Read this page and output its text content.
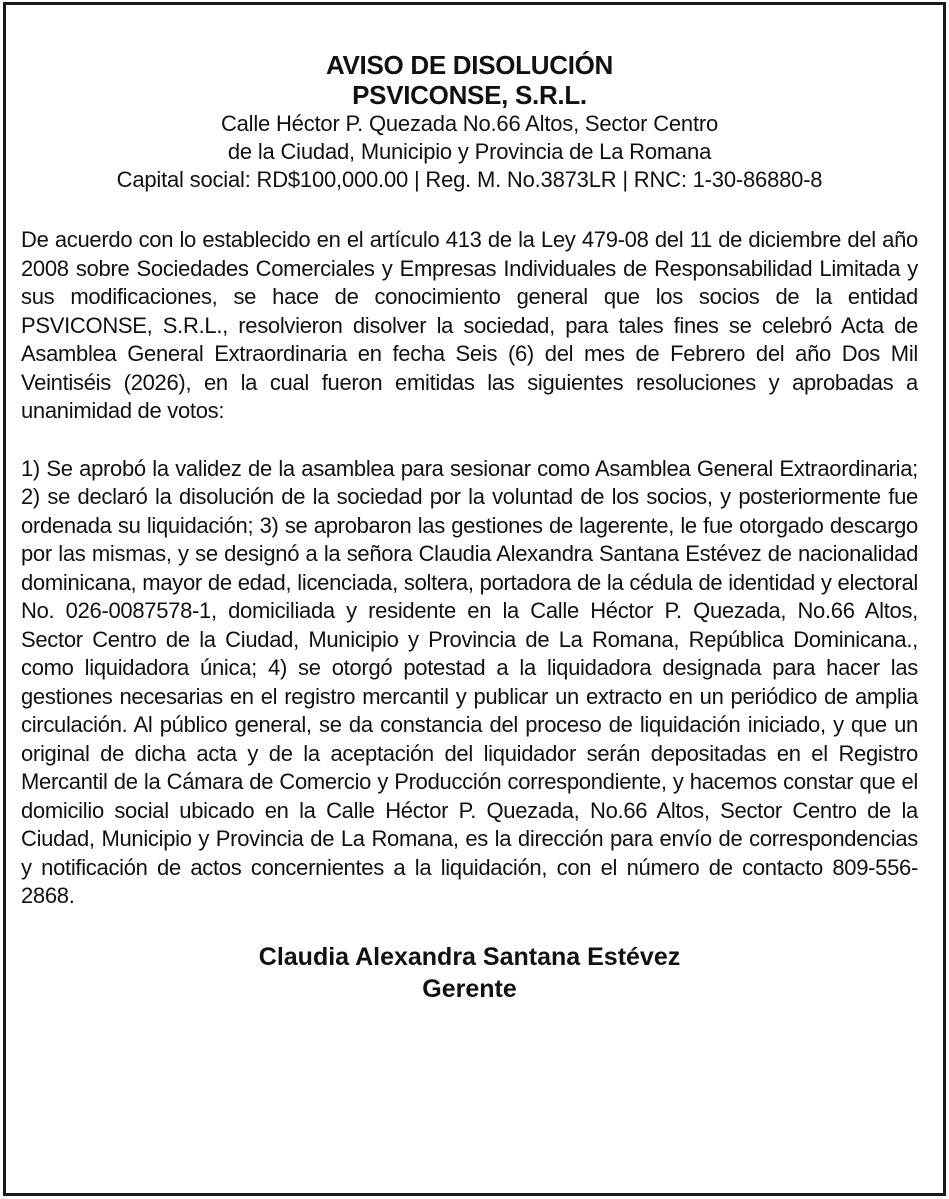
AVISO DE DISOLUCIÓN

PSVICONSE, S.R.L.

Calle Héctor P. Quezada No.66 Altos, Sector Centro

de la Ciudad, Municipio y Provincia de La Romana

Capital social: RD$100,000.00 | Reg. M. No.3873LR | RNC: 1-30-86880-8

De acuerdo con lo establecido en el artículo 413 de la Ley 479-08 del 11 de diciembre del año 2008 sobre Sociedades Comerciales y Empresas Individuales de Responsabilidad Limitada y sus modificaciones, se hace de conocimiento general que los socios de la entidad PSVICONSE, S.R.L., resolvieron disolver la sociedad, para tales fines se celebró Acta de Asamblea General Extraordinaria en fecha Seis (6) del mes de Febrero del año Dos Mil Veintiséis (2026), en la cual fueron emitidas las siguientes resoluciones y aprobadas a unanimidad de votos:

1) Se aprobó la validez de la asamblea para sesionar como Asamblea General Extraordinaria; 2) se declaró la disolución de la sociedad por la voluntad de los socios, y posteriormente fue ordenada su liquidación; 3) se aprobaron las gestiones de lagerente, le fue otorgado descargo por las mismas, y se designó a la señora Claudia Alexandra Santana Estévez de nacionalidad dominicana, mayor de edad, licenciada, soltera, portadora de la cédula de identidad y electoral No. 026-0087578-1, domiciliada y residente en la Calle Héctor P. Quezada, No.66 Altos, Sector Centro de la Ciudad, Municipio y Provincia de La Romana, República Dominicana., como liquidadora única; 4) se otorgó potestad a la liquidadora designada para hacer las gestiones necesarias en el registro mercantil y publicar un extracto en un periódico de amplia circulación. Al público general, se da constancia del proceso de liquidación iniciado, y que un original de dicha acta y de la aceptación del liquidador serán depositadas en el Registro Mercantil de la Cámara de Comercio y Producción correspondiente, y hacemos constar que el domicilio social ubicado en la Calle Héctor P. Quezada, No.66 Altos, Sector Centro de la Ciudad, Municipio y Provincia de La Romana, es la dirección para envío de correspondencias y notificación de actos concernientes a la liquidación, con el número de contacto 809-556- 2868.

Claudia Alexandra Santana Estévez

Gerente
